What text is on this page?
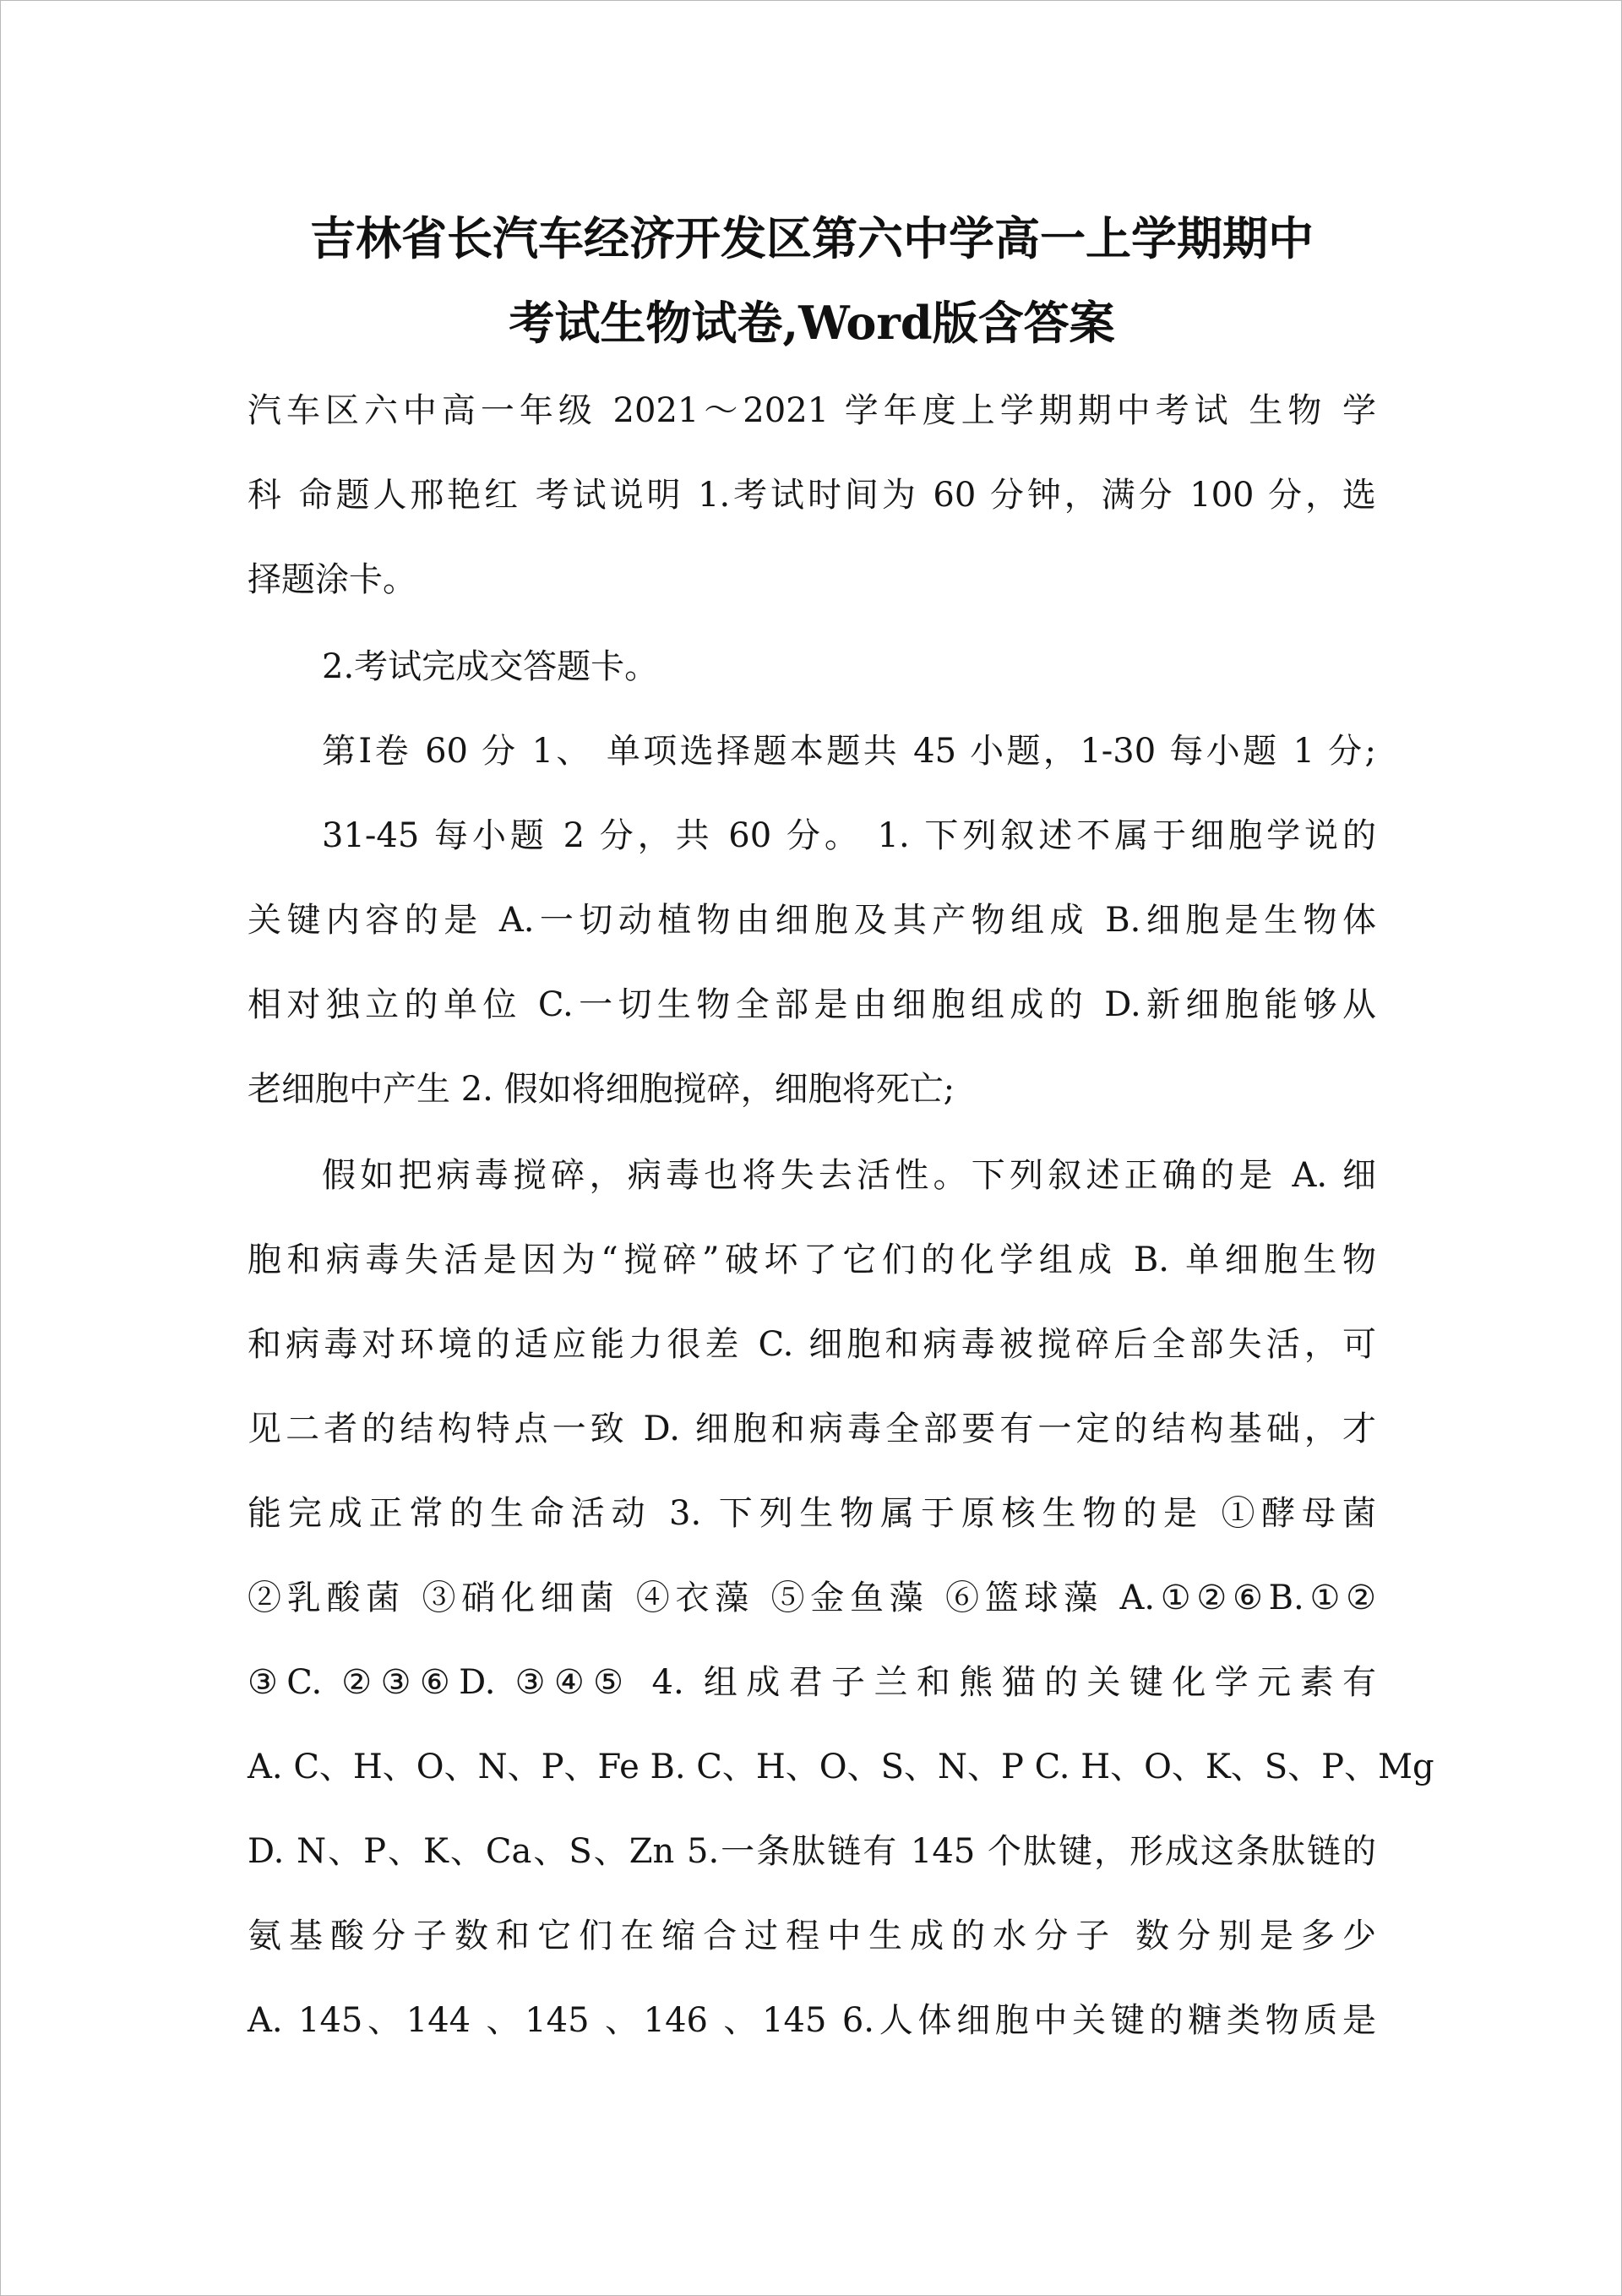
吉林省长汽车经济开发区第六中学高一上学期期中
考试生物试卷,Word版含答案
汽车区六中高一年级 2021～2021 学年度上学期期中考试 生物 学
科 命题人邢艳红 考试说明 1.考试时间为 60 分钟，满分 100 分，选
择题涂卡。
2.考试完成交答题卡。
第Ⅰ卷 60 分 1、 单项选择题本题共 45 小题，1-30 每小题 1 分;
31-45 每小题 2 分，共 60 分。 1. 下列叙述不属于细胞学说的
关键内容的是 A.一切动植物由细胞及其产物组成 B.细胞是生物体
相对独立的单位 C.一切生物全部是由细胞组成的 D.新细胞能够从
老细胞中产生 2. 假如将细胞搅碎，细胞将死亡;
假如把病毒搅碎，病毒也将失去活性。下列叙述正确的是 A. 细
胞和病毒失活是因为“搅碎”破坏了它们的化学组成 B. 单细胞生物
和病毒对环境的适应能力很差 C. 细胞和病毒被搅碎后全部失活，可
见二者的结构特点一致 D. 细胞和病毒全部要有一定的结构基础，才
能完成正常的生命活动 3. 下列生物属于原核生物的是 ①酵母菌
②乳酸菌 ③硝化细菌 ④衣藻 ⑤金鱼藻 ⑥篮球藻 A.①②⑥B.①②
③C. ②③⑥D. ③④⑤ 4. 组成君子兰和熊猫的关键化学元素有
A. C、H、O、N、P、Fe B. C、H、O、S、N、P C. H、O、K、S、P、Mg
D. N、P、K、Ca、S、Zn 5.一条肽链有 145 个肽键，形成这条肽链的
氨基酸分子数和它们在缩合过程中生成的水分子 数分别是多少
A. 145、144 、145 、146 、145 6.人体细胞中关键的糖类物质是
